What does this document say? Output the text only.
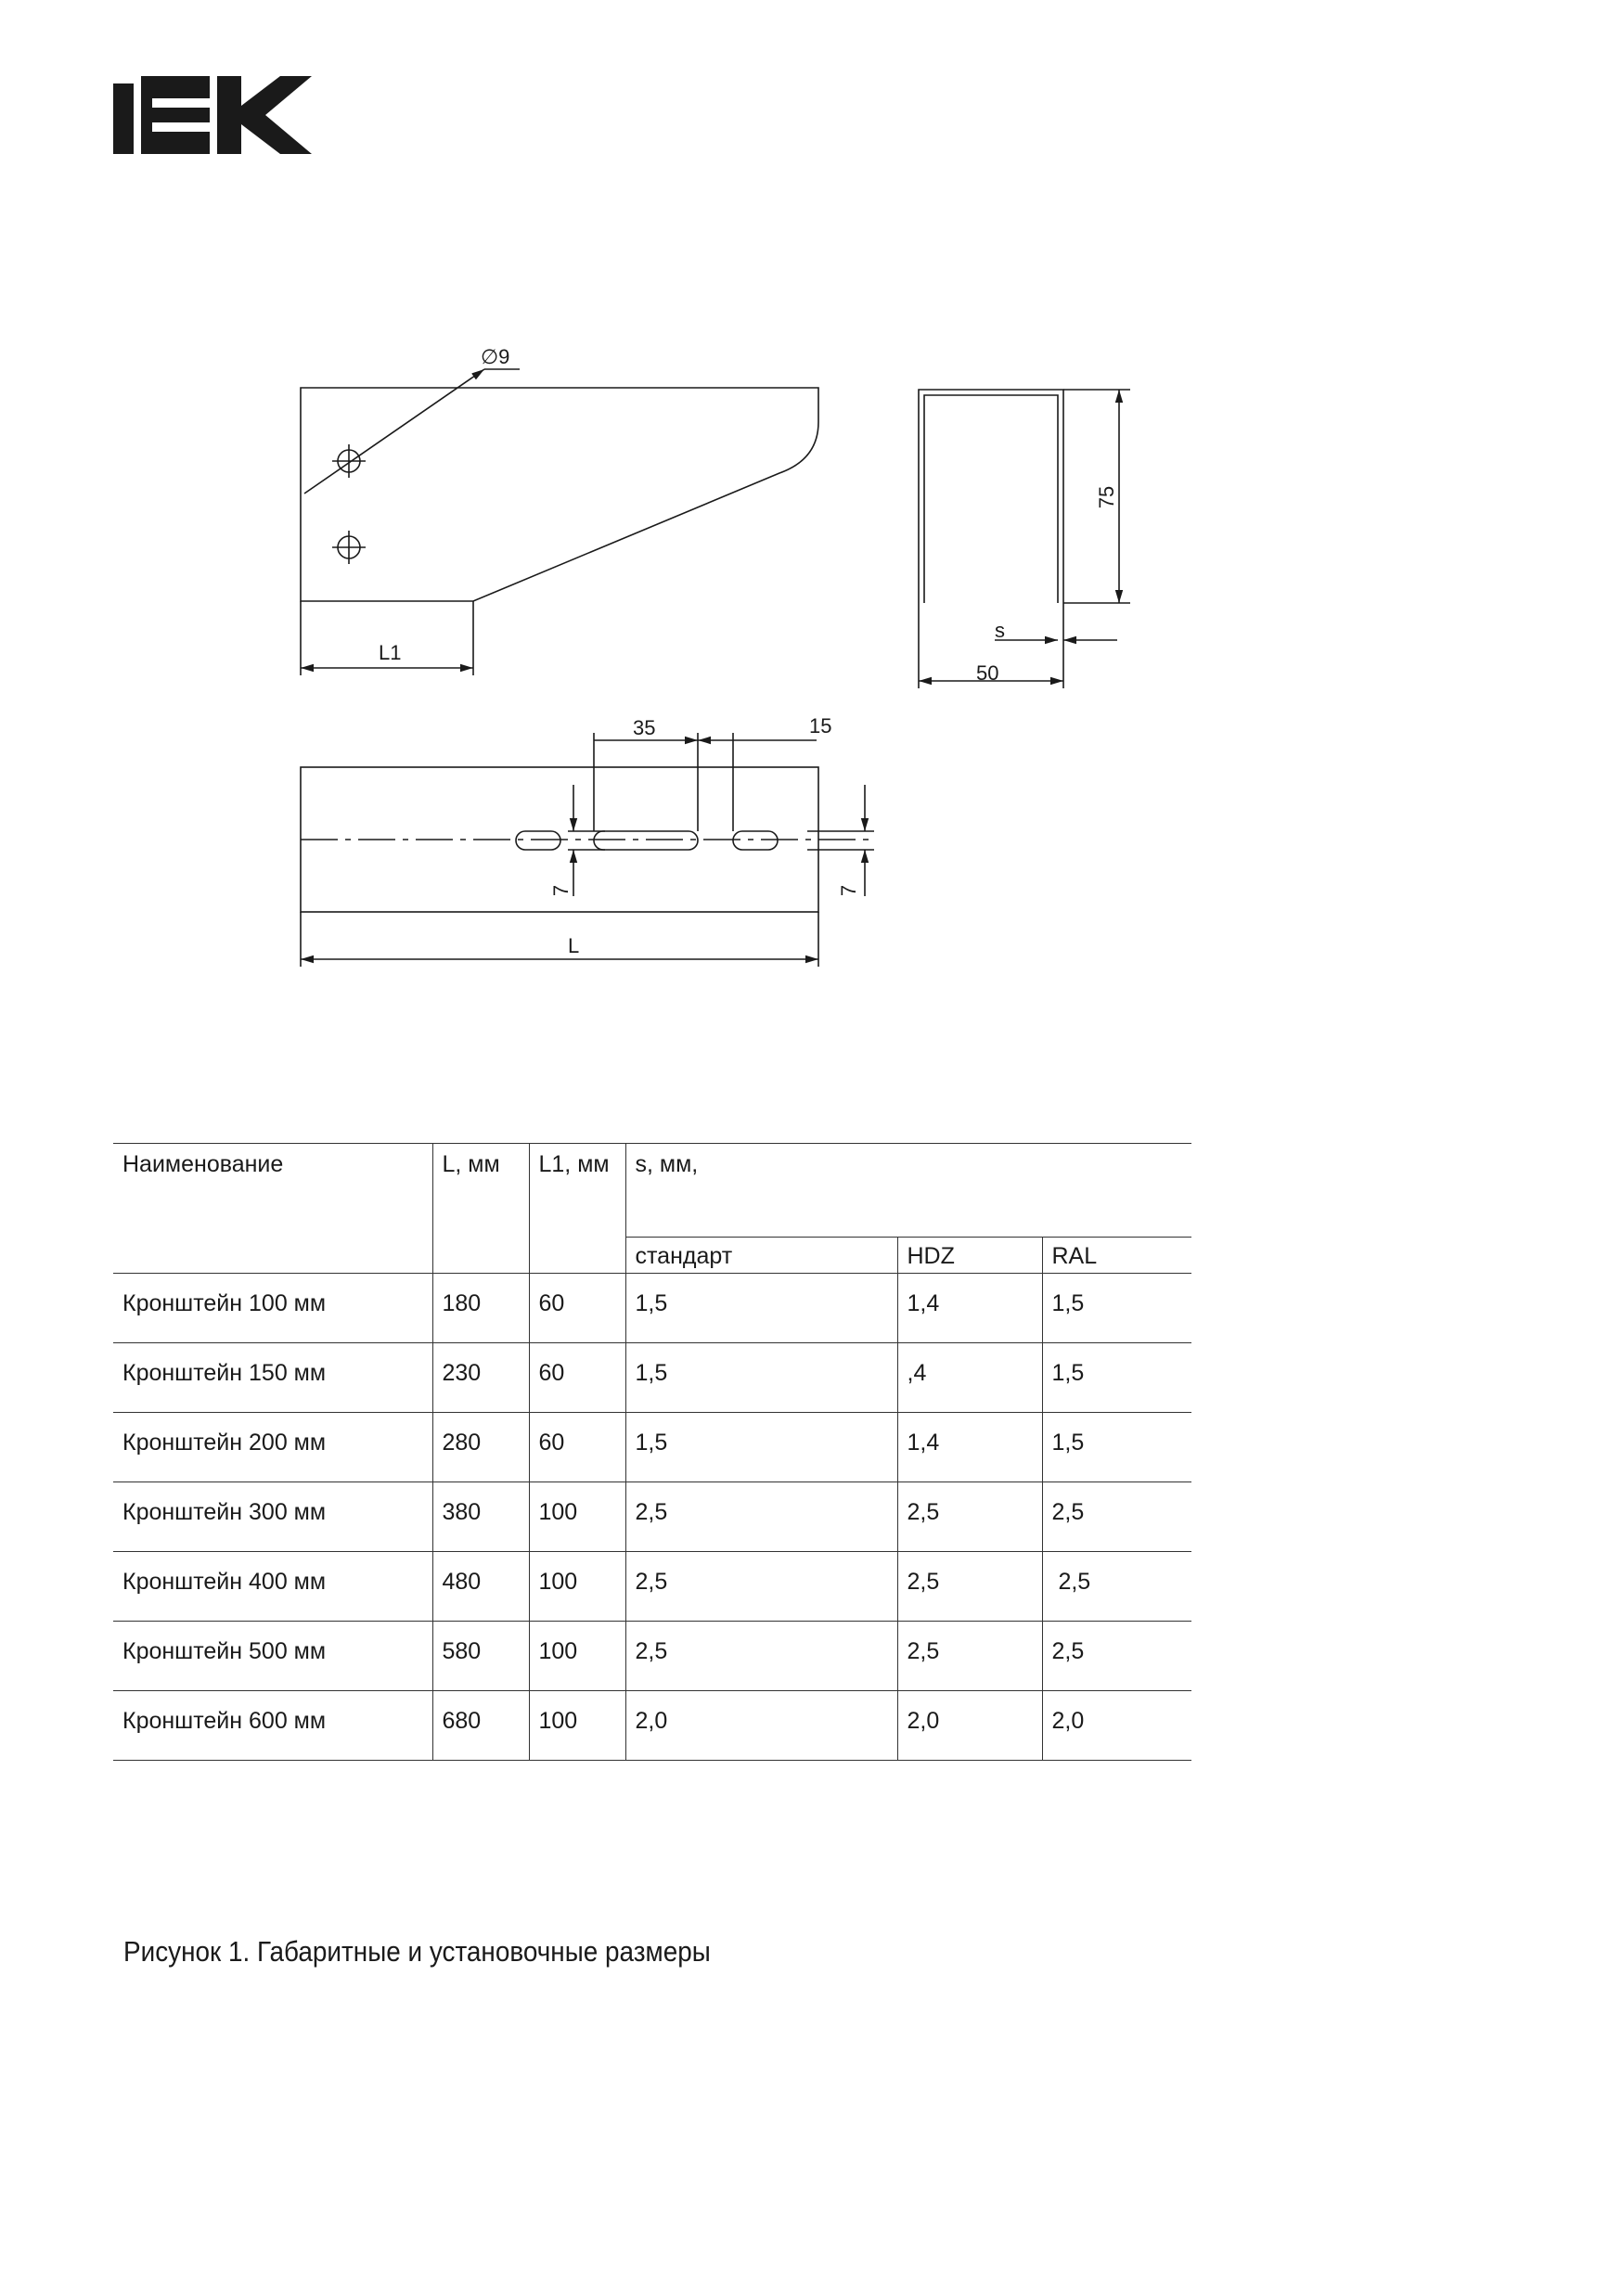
∅9
L1
75
s
50
35	15
7	7
L
Наименование	L, мм	L1, мм	s, мм,		
			стандарт	HDZ	RAL
Кронштейн 100 мм	180	60	1,5	1,4	1,5
Кронштейн 150 мм	230	60	1,5	,4	1,5
Кронштейн 200 мм	280	60	1,5	1,4	1,5
Кронштейн 300 мм	380	100	2,5	2,5	2,5
Кронштейн 400 мм	480	100	2,5	2,5	2,5
Кронштейн 500 мм	580	100	2,5	2,5	2,5
Кронштейн 600 мм	680	100	2,0	2,0	2,0
Рисунок 1. Габаритные и установочные размеры
